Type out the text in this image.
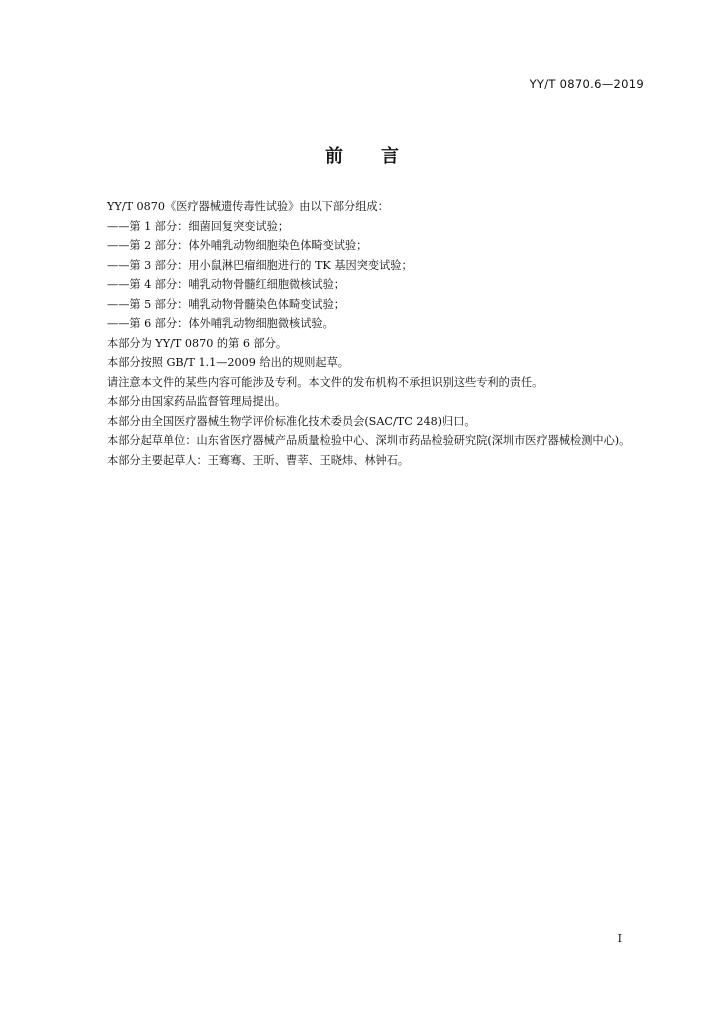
YY/T 0870.6—2019
前言

YY/T 0870《医疗器械遗传毒性试验》由以下部分组成：

——第 1 部分：细菌回复突变试验；

——第 2 部分：体外哺乳动物细胞染色体畸变试验；

——第 3 部分：用小鼠淋巴瘤细胞进行的 TK 基因突变试验；

——第 4 部分：哺乳动物骨髓红细胞微核试验；

——第 5 部分：哺乳动物骨髓染色体畸变试验；

——第 6 部分：体外哺乳动物细胞微核试验。

本部分为 YY/T 0870 的第 6 部分。

本部分按照 GB/T 1.1—2009 给出的规则起草。

请注意本文件的某些内容可能涉及专利。本文件的发布机构不承担识别这些专利的责任。

本部分由国家药品监督管理局提出。

本部分由全国医疗器械生物学评价标准化技术委员会(SAC/TC 248)归口。

本部分起草单位：山东省医疗器械产品质量检验中心、深圳市药品检验研究院(深圳市医疗器械检测中心)。

本部分主要起草人：王骞骞、王昕、曹莘、王晓炜、林钟石。

I
